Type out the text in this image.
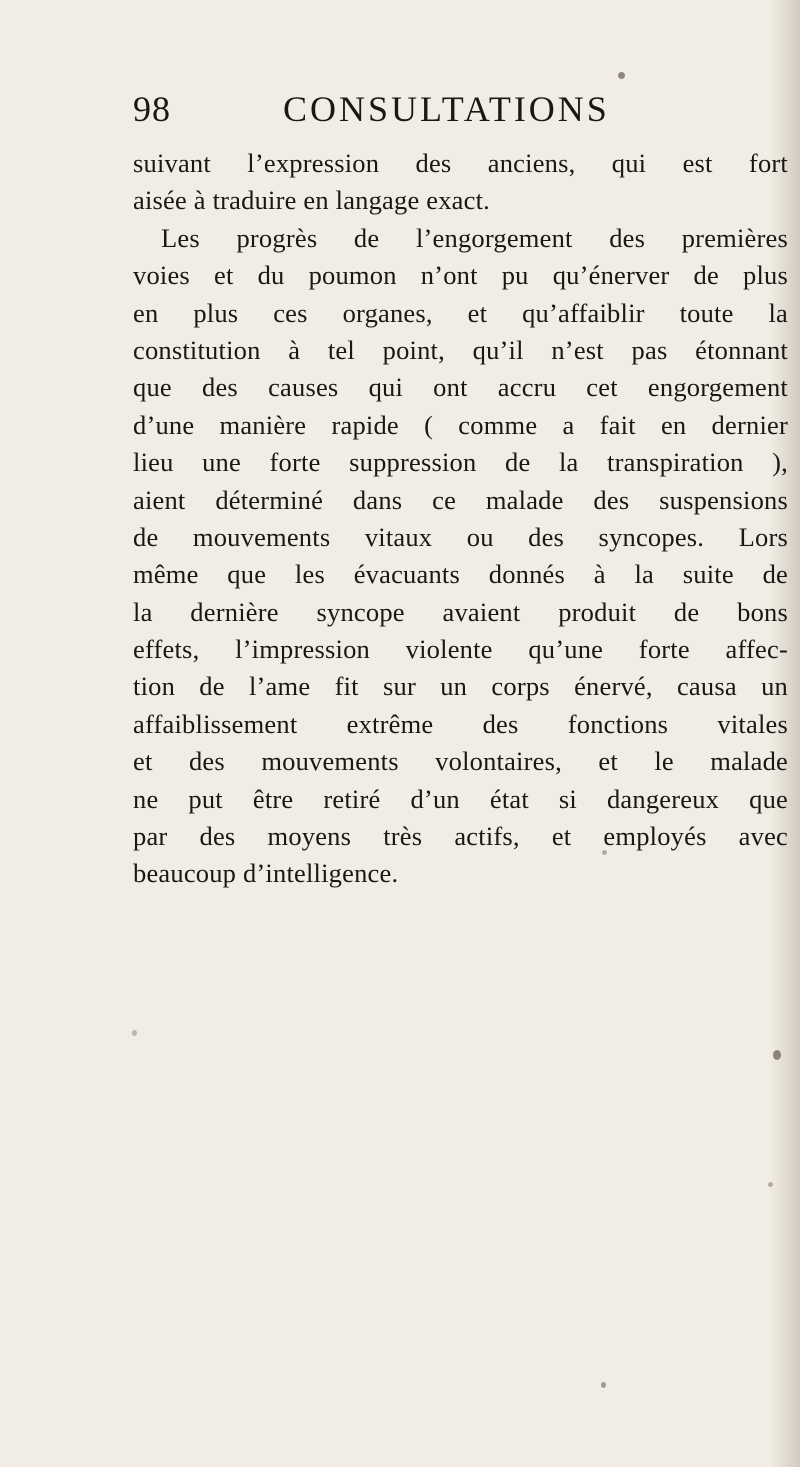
98	CONSULTATIONS
suivant l’expression des anciens, qui est fort
aisée à traduire en langage exact.
Les progrès de l’engorgement des premières
voies et du poumon n’ont pu qu’énerver de plus
en plus ces organes, et qu’affaiblir toute la
constitution à tel point, qu’il n’est pas étonnant
que des causes qui ont accru cet engorgement
d’une manière rapide ( comme a fait en dernier
lieu une forte suppression de la transpiration ),
aient déterminé dans ce malade des suspensions
de mouvements vitaux ou des syncopes. Lors
même que les évacuants donnés à la suite de
la dernière syncope avaient produit de bons
effets, l’impression violente qu’une forte affec-
tion de l’ame fit sur un corps énervé, causa un
affaiblissement extrême des fonctions vitales
et des mouvements volontaires, et le malade
ne put être retiré d’un état si dangereux que
par des moyens très actifs, et employés avec
beaucoup d’intelligence.
